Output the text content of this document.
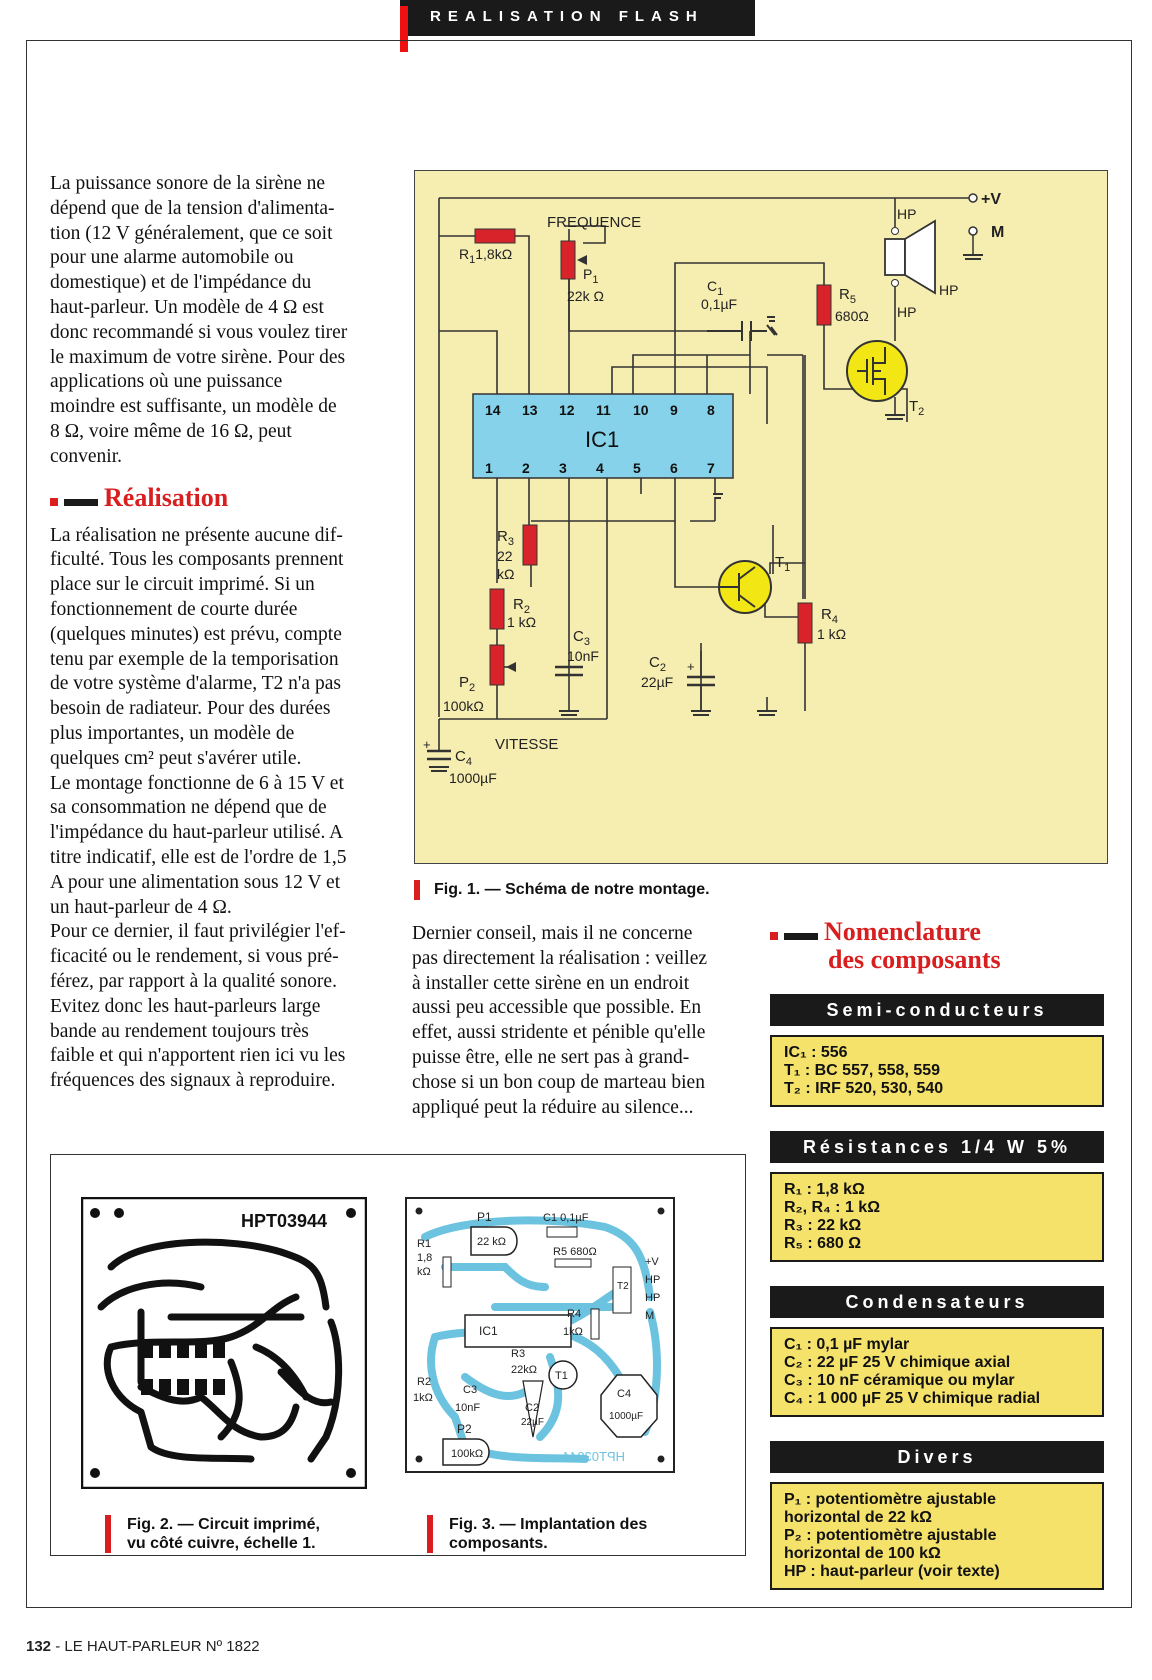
REALISATION FLASH
La puissance sonore de la sirène ne
dépend que de la tension d'alimenta-
tion (12 V généralement, que ce soit
pour une alarme automobile ou
domestique) et de l'impédance du
haut-parleur. Un modèle de 4 Ω est
donc recommandé si vous voulez tirer
le maximum de votre sirène. Pour des
applications où une puissance
moindre est suffisante, un modèle de
8 Ω, voire même de 16 Ω, peut
convenir.
Réalisation
La réalisation ne présente aucune dif-
ficulté. Tous les composants prennent
place sur le circuit imprimé. Si un
fonctionnement de courte durée
(quelques minutes) est prévu, compte
tenu par exemple de la temporisation
de votre système d'alarme, T2 n'a pas
besoin de radiateur. Pour des durées
plus importantes, un modèle de
quelques cm² peut s'avérer utile.
Le montage fonctionne de 6 à 15 V et
sa consommation ne dépend que de
l'impédance du haut-parleur utilisé. A
titre indicatif, elle est de l'ordre de 1,5
A pour une alimentation sous 12 V et
un haut-parleur de 4 Ω.
Pour ce dernier, il faut privilégier l'ef-
ficacité ou le rendement, si vous pré-
férez, par rapport à la qualité sonore.
Evitez donc les haut-parleurs large
bande au rendement toujours très
faible et qui n'apportent rien ici vu les
fréquences des signaux à reproduire.
+V
M
$R_11,8k\Omega$
FREQUENCE
$P_1$
22k Ω
$C_1$
0,1µF
$R_5$
680Ω
HP
HP
HP
$T_2$
IC1
14 13 12 11 10 9 8
1 2 3 4 5 6 7
$R_3$
22
kΩ
$R_2$
1 kΩ
$P_2$
100kΩ
$C_3$
10nF
$T_1$
+
$C_2$
22µF
$R_4$
1 kΩ
+
$C_4$
1000µF
VITESSE
Fig. 1. — Schéma de notre montage.
Dernier conseil, mais il ne concerne
pas directement la réalisation : veillez
à installer cette sirène en un endroit
aussi peu accessible que possible. En
effet, aussi stridente et pénible qu'elle
puisse être, elle ne sert pas à grand-
chose si un bon coup de marteau bien
appliqué peut la réduire au silence...
Nomenclature
des composants
Semi-conducteurs
IC₁ : 556
T₁ : BC 557, 558, 559
T₂ : IRF 520, 530, 540
Résistances 1/4 W 5%
R₁ : 1,8 kΩ
R₂, R₄ : 1 kΩ
R₃ : 22 kΩ
R₅ : 680 Ω
Condensateurs
C₁ : 0,1 µF mylar
C₂ : 22 µF 25 V chimique axial
C₃ : 10 nF céramique ou mylar
C₄ : 1 000 µF 25 V chimique radial
Divers
P₁ : potentiomètre ajustable
horizontal de 22 kΩ
P₂ : potentiomètre ajustable
horizontal de 100 kΩ
HP : haut-parleur (voir texte)
HPT03944
IC1
P1
22 kΩ
P2
100kΩ
R1
1,8
kΩ
C1 0,1µF
R5 680Ω
T2
+V
HP
HP
M
R4
1kΩ
R3
22kΩ T1
R2
1kΩ
C3
10nF	C2
22µF
C4
1000µF
HPT03944
Fig. 2. — Circuit imprimé,
vu côté cuivre, échelle 1.
Fig. 3. — Implantation des
composants.
132 - LE HAUT-PARLEUR Nº 1822
